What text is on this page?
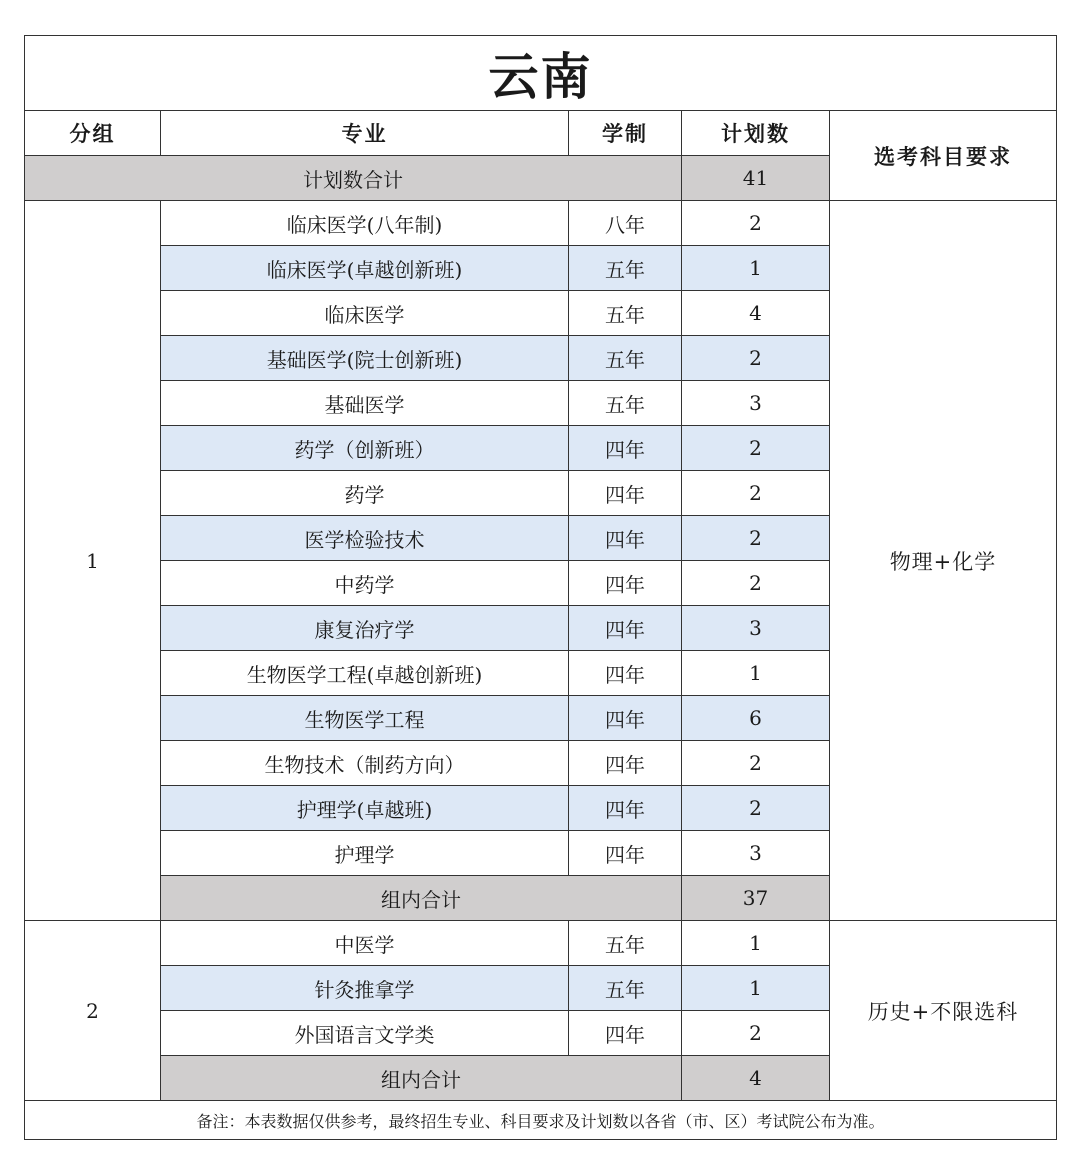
云南				
分组	专业	学制	计划数	选考科目要求
计划数合计			41	
1	临床医学(八年制)	八年	2	物理+化学
	临床医学(卓越创新班)	五年	1	
	临床医学	五年	4	
	基础医学(院士创新班)	五年	2	
	基础医学	五年	3	
	药学（创新班）	四年	2	
	药学	四年	2	
	医学检验技术	四年	2	
	中药学	四年	2	
	康复治疗学	四年	3	
	生物医学工程(卓越创新班)	四年	1	
	生物医学工程	四年	6	
	生物技术（制药方向）	四年	2	
	护理学(卓越班)	四年	2	
	护理学	四年	3	
	组内合计		37	
2	中医学	五年	1	历史+不限选科
	针灸推拿学	五年	1	
	外国语言文学类	四年	2	
	组内合计		4	
备注：本表数据仅供参考，最终招生专业、科目要求及计划数以各省（市、区）考试院公布为准。				
